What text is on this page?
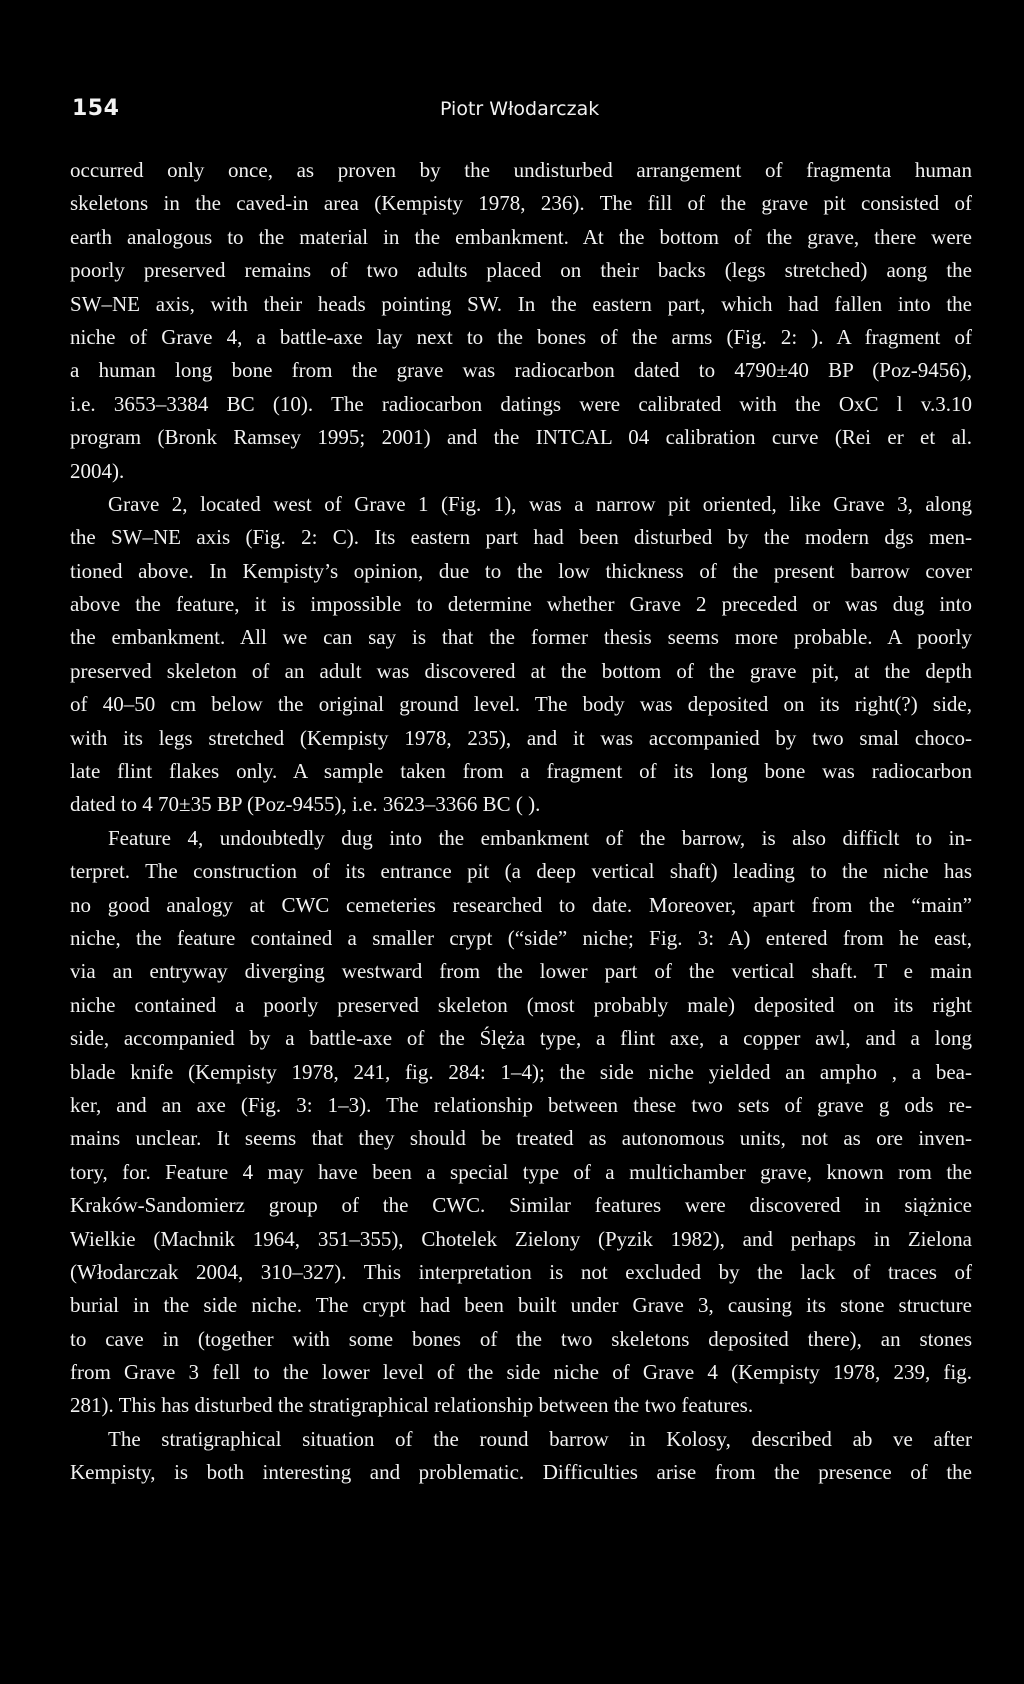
154	Piotr Włodarczak
occurred only once, as proven by the undisturbed arrangement of fragmenta human
skeletons in the caved-in area (Kempisty 1978, 236). The fill of the grave pit consisted of
earth analogous to the material in the embankment. At the bottom of the grave, there were
poorly preserved remains of two adults placed on their backs (legs stretched) aong the
SW–NE axis, with their heads pointing SW. In the eastern part, which had fallen into the
niche of Grave 4, a battle-axe lay next to the bones of the arms (Fig. 2: ). A fragment of
a human long bone from the grave was radiocarbon dated to 4790±40 BP (Poz-9456),
i.e. 3653–3384 BC (10). The radiocarbon datings were calibrated with the OxC l v.3.10
program (Bronk Ramsey 1995; 2001) and the INTCAL 04 calibration curve (Rei er et al.
2004).
Grave 2, located west of Grave 1 (Fig. 1), was a narrow pit oriented, like Grave 3, along
the SW–NE axis (Fig. 2: C). Its eastern part had been disturbed by the modern dgs men-
tioned above. In Kempisty’s opinion, due to the low thickness of the present barrow cover
above the feature, it is impossible to determine whether Grave 2 preceded or was dug into
the embankment. All we can say is that the former thesis seems more probable. A poorly
preserved skeleton of an adult was discovered at the bottom of the grave pit, at the depth
of 40–50 cm below the original ground level. The body was deposited on its right(?) side,
with its legs stretched (Kempisty 1978, 235), and it was accompanied by two smal choco-
late flint flakes only. A sample taken from a fragment of its long bone was radiocarbon
dated to 4 70±35 BP (Poz-9455), i.e. 3623–3366 BC ( ).
Feature 4, undoubtedly dug into the embankment of the barrow, is also difficlt to in-
terpret. The construction of its entrance pit (a deep vertical shaft) leading to the niche has
no good analogy at CWC cemeteries researched to date. Moreover, apart from the “main”
niche, the feature contained a smaller crypt (“side” niche; Fig. 3: A) entered from he east,
via an entryway diverging westward from the lower part of the vertical shaft. T e main
niche contained a poorly preserved skeleton (most probably male) deposited on its right
side, accompanied by a battle-axe of the Ślęża type, a flint axe, a copper awl, and a long
blade knife (Kempisty 1978, 241, fig. 284: 1–4); the side niche yielded an ampho , a bea-
ker, and an axe (Fig. 3: 1–3). The relationship between these two sets of grave g ods re-
mains unclear. It seems that they should be treated as autonomous units, not as ore inven-
tory, for. Feature 4 may have been a special type of a multichamber grave, known rom the
Kraków-Sandomierz group of the CWC. Similar features were discovered in siążnice
Wielkie (Machnik 1964, 351–355), Chotelek Zielony (Pyzik 1982), and perhaps in Zielona
(Włodarczak 2004, 310–327). This interpretation is not excluded by the lack of traces of
burial in the side niche. The crypt had been built under Grave 3, causing its stone structure
to cave in (together with some bones of the two skeletons deposited there), an stones
from Grave 3 fell to the lower level of the side niche of Grave 4 (Kempisty 1978, 239, fig.
281). This has disturbed the stratigraphical relationship between the two features.
The stratigraphical situation of the round barrow in Kolosy, described ab ve after
Kempisty, is both interesting and problematic. Difficulties arise from the presence of the
